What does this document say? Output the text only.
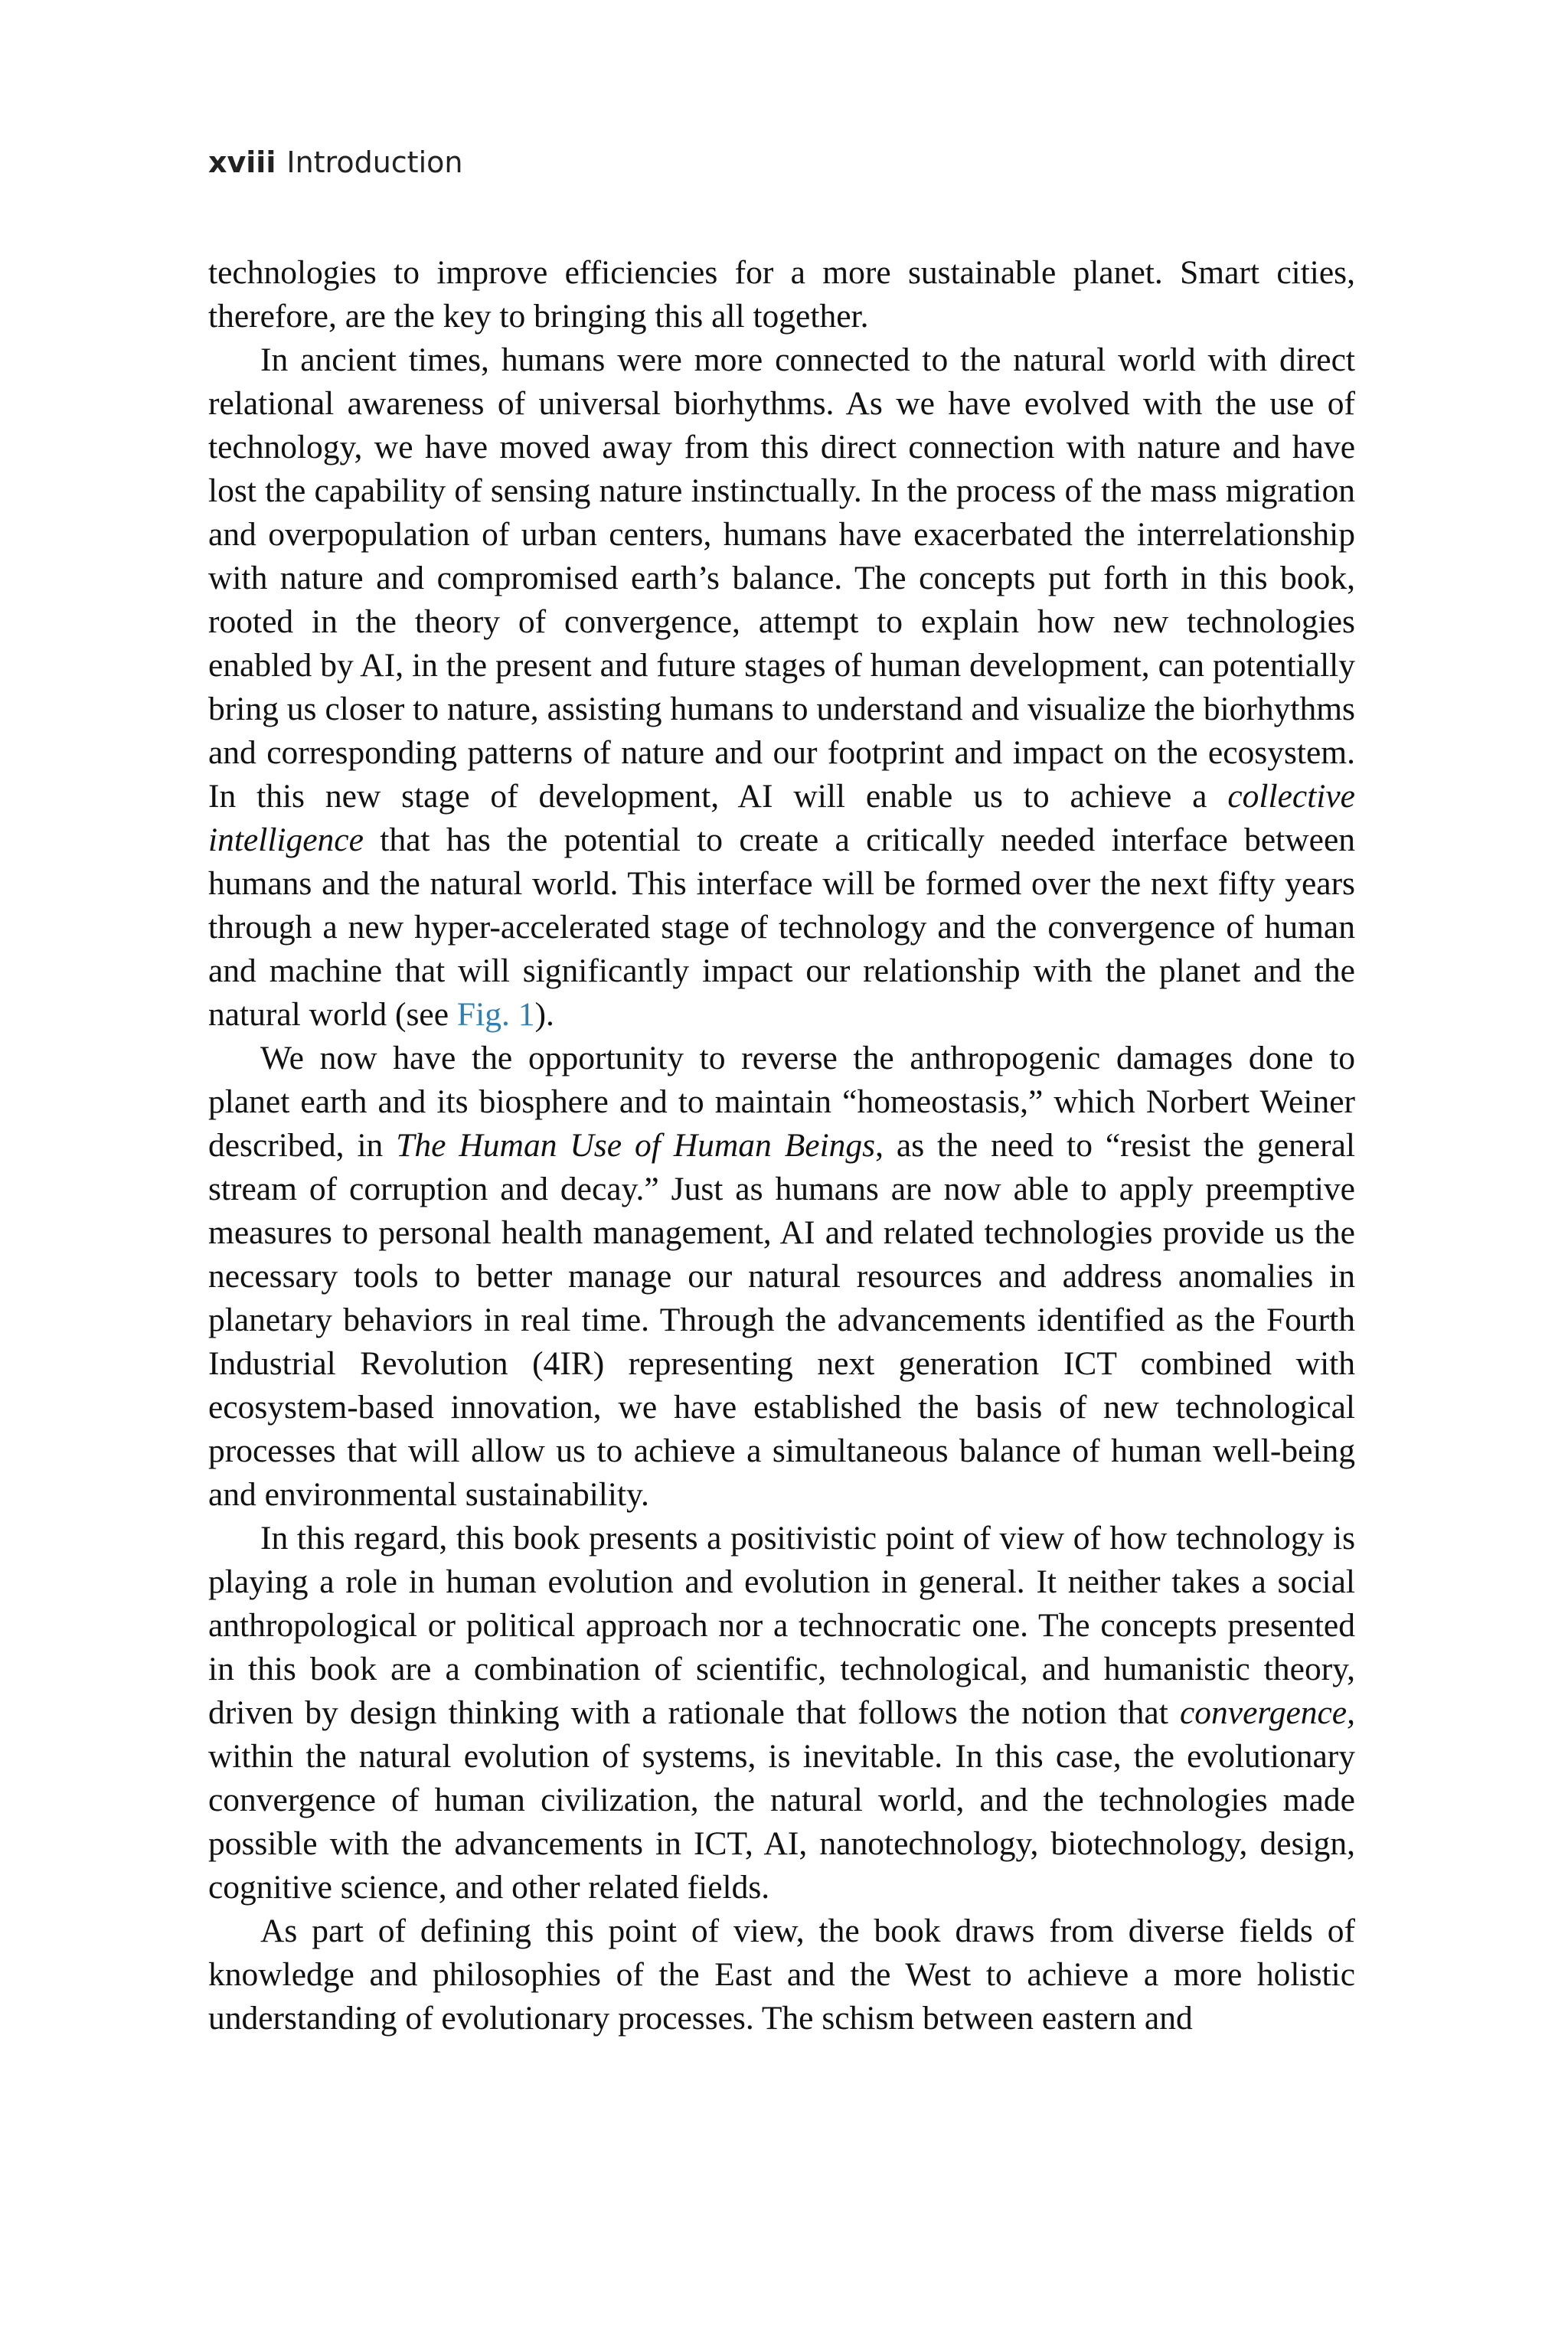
xviii Introduction

technologies to improve efficiencies for a more sustainable planet. Smart cities, therefore, are the key to bringing this all together.

In ancient times, humans were more connected to the natural world with direct relational awareness of universal biorhythms. As we have evolved with the use of technology, we have moved away from this direct connection with nature and have lost the capability of sensing nature instinctually. In the process of the mass migration and overpopulation of urban centers, humans have exacerbated the interrelationship with nature and compromised earth’s balance. The concepts put forth in this book, rooted in the theory of convergence, attempt to explain how new technologies enabled by AI, in the present and future stages of human development, can potentially bring us closer to nature, assisting humans to understand and visualize the biorhythms and corresponding patterns of nature and our footprint and impact on the ecosystem. In this new stage of development, AI will enable us to achieve a collective intelligence that has the potential to create a critically needed interface between humans and the natural world. This interface will be formed over the next fifty years through a new hyper-accelerated stage of technology and the convergence of human and machine that will significantly impact our relationship with the planet and the natural world (see Fig. 1).

We now have the opportunity to reverse the anthropogenic damages done to planet earth and its biosphere and to maintain “homeostasis,” which Norbert Weiner described, in The Human Use of Human Beings, as the need to “resist the general stream of corruption and decay.” Just as humans are now able to apply preemptive measures to personal health management, AI and related technologies provide us the necessary tools to better manage our natural resources and address anomalies in planetary behaviors in real time. Through the advancements identified as the Fourth Industrial Revolution (4IR) representing next generation ICT combined with ecosystem-based innovation, we have established the basis of new technological processes that will allow us to achieve a simultaneous balance of human well-being and environmental sustainability.

In this regard, this book presents a positivistic point of view of how technology is playing a role in human evolution and evolution in general. It neither takes a social anthropological or political approach nor a technocratic one. The concepts presented in this book are a combination of scientific, technological, and humanistic theory, driven by design thinking with a rationale that follows the notion that convergence, within the natural evolution of systems, is inevitable. In this case, the evolutionary convergence of human civilization, the natural world, and the technologies made possible with the advancements in ICT, AI, nanotechnology, biotechnology, design, cognitive science, and other related fields.

As part of defining this point of view, the book draws from diverse fields of knowledge and philosophies of the East and the West to achieve a more holistic understanding of evolutionary processes. The schism between eastern and
